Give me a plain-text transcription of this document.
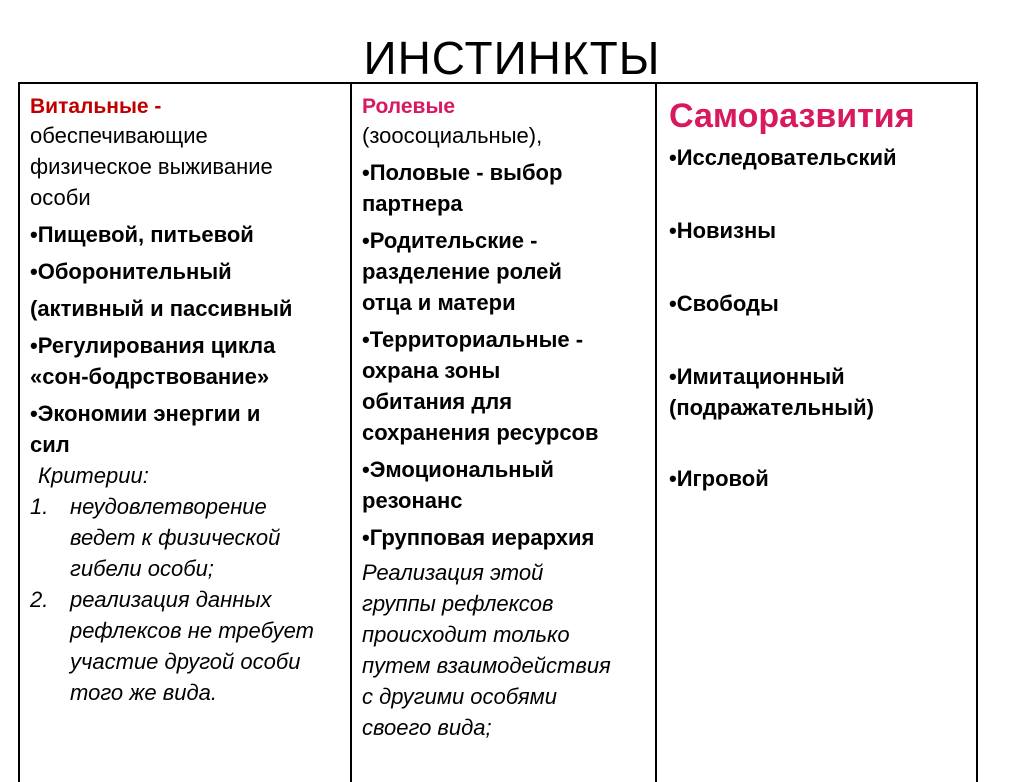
ИНСТИНКТЫ
Витальные -
обеспечивающие
физическое выживание
особи
•Пищевой, питьевой
•Оборонительный
(активный и пассивный
•Регулирования цикла
«сон-бодрствование»
•Экономии энергии и
сил
Критерии:
1. неудовлетворение
ведет к физической
гибели особи;
2. реализация данных
рефлексов не требует
участие другой особи
того же вида.
Ролевые
(зоосоциальные),
•Половые - выбор
партнера
•Родительские -
разделение ролей
отца и матери
•Территориальные -
охрана зоны
обитания для
сохранения ресурсов
•Эмоциональный
резонанс
•Групповая иерархия
Реализация этой
группы рефлексов
происходит только
путем взаимодействия
с другими особями
своего вида;
Саморазвития
•Исследовательский
•Новизны
•Свободы
•Имитационный
(подражательный)
•Игровой
